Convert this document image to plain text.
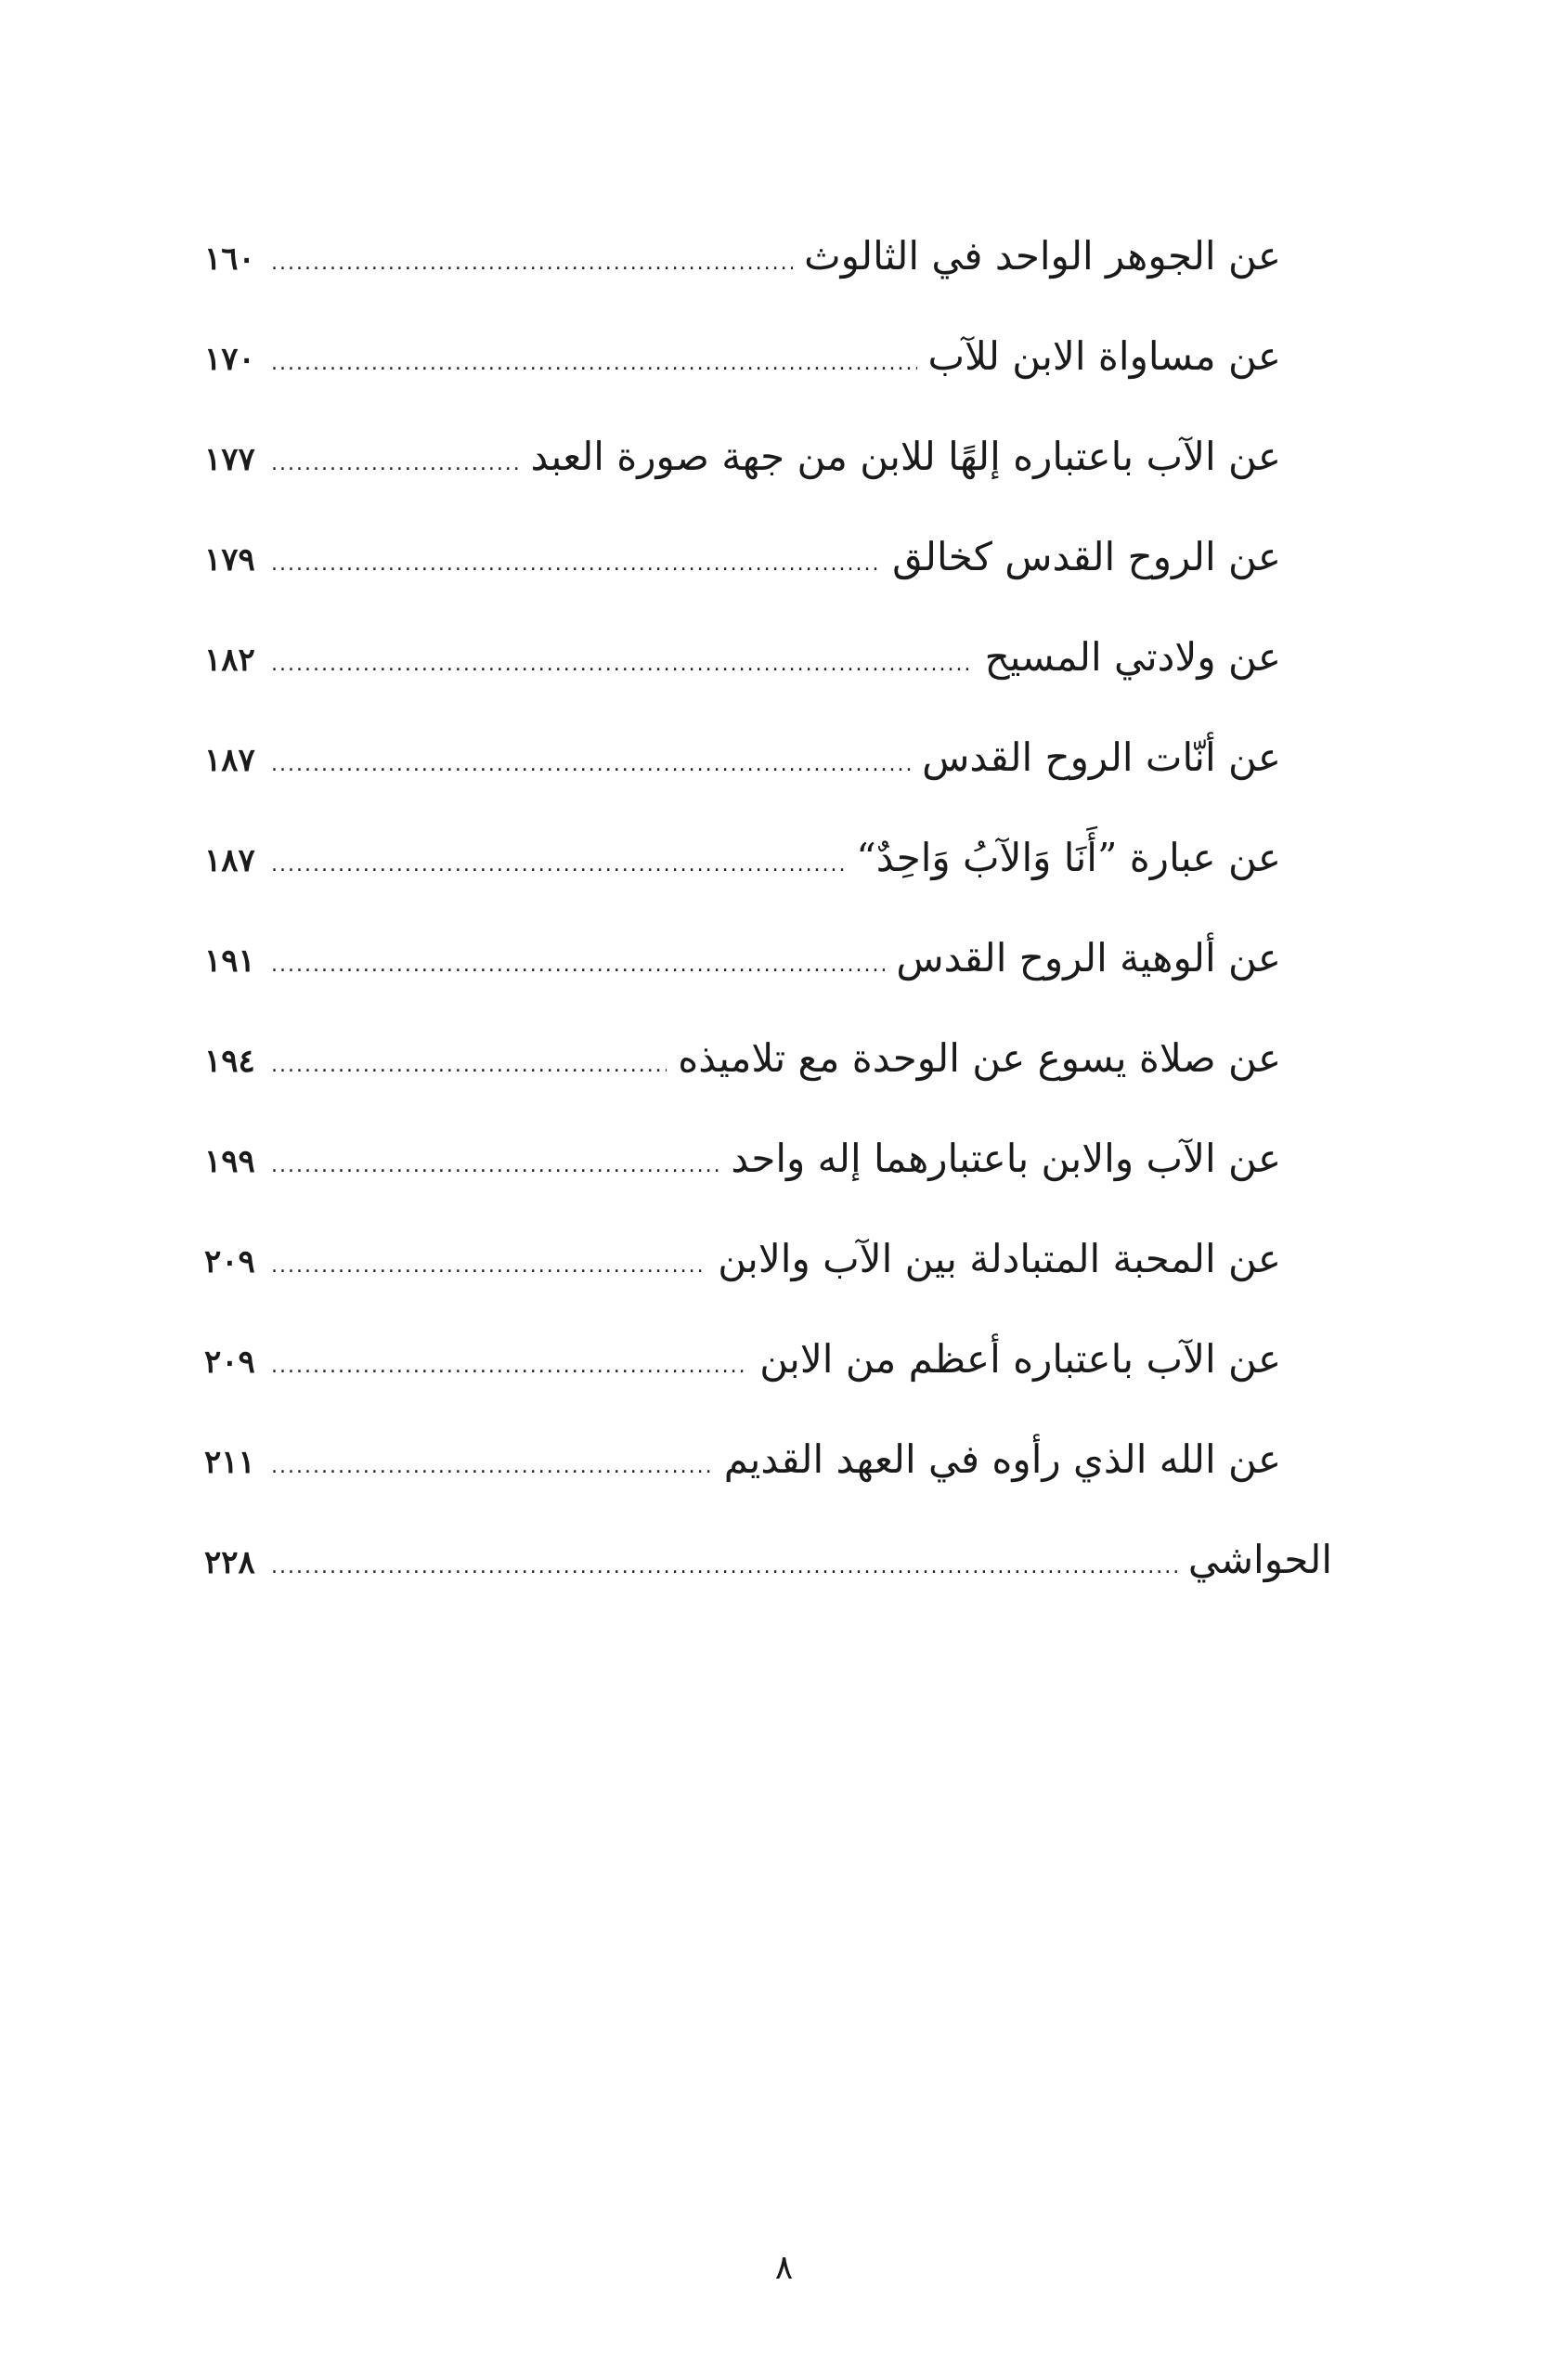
عن الجوهر الواحد في الثالوث
.....
١٦٠
عن مساواة الابن للآب
.....
١٧٠
عن الآب باعتباره إلهًا للابن من جهة صورة العبد
.....
١٧٧
عن الروح القدس كخالق
.....
١٧٩
عن ولادتي المسيح
.....
١٨٢
عن أنّات الروح القدس
.....
١٨٧
عن عبارة ”أَنَا وَالآبُ وَاحِدٌ“
.....
١٨٧
عن ألوهية الروح القدس
.....
١٩١
عن صلاة يسوع عن الوحدة مع تلاميذه
.....
١٩٤
عن الآب والابن باعتبارهما إله واحد
.....
١٩٩
عن المحبة المتبادلة بين الآب والابن
.....
٢٠٩
عن الآب باعتباره أعظم من الابن
.....
٢٠٩
عن الله الذي رأوه في العهد القديم
.....
٢١١
الحواشي
.....
٢٢٨
٨
